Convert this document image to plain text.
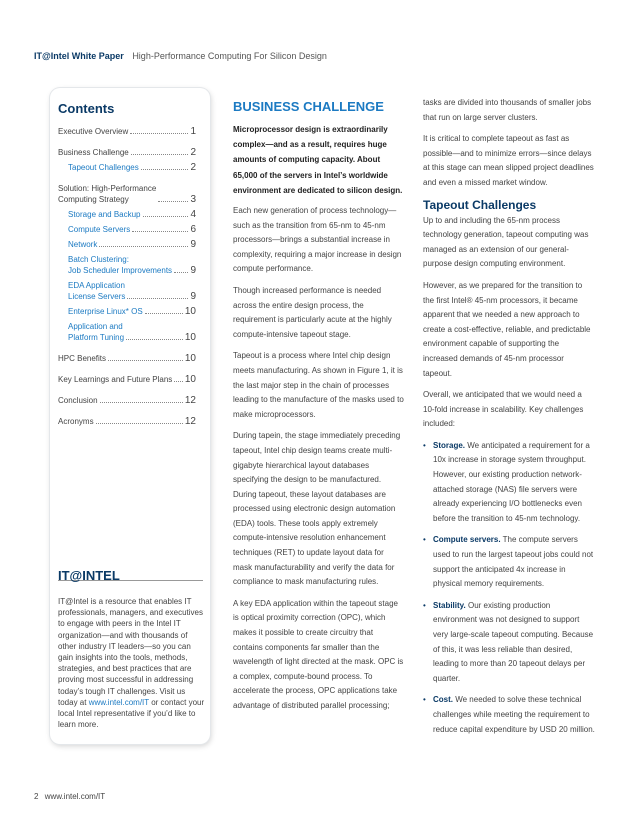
IT@Intel White Paper High-Performance Computing For Silicon Design
Contents
Executive Overview	1
Business Challenge	2
Tapeout Challenges	2
Solution: High-Performance
Computing Strategy	3
Storage and Backup	4
Compute Servers	6
Network	9
Batch Clustering:
Job Scheduler Improvements 9
EDA Application
License Servers	9
Enterprise Linux* OS	10
Application and
Platform Tuning	10
HPC Benefits	10
Key Learnings and Future Plans 10
Conclusion	12
Acronyms	12
IT@INTEL
IT@Intel is a resource that enables IT professionals, managers, and executives to engage with peers in the Intel IT organization—and with thousands of other industry IT leaders—so you can gain insights into the tools, methods, strategies, and best practices that are proving most successful in addressing today’s tough IT challenges. Visit us today at www.intel.com/IT or contact your local Intel representative if you’d like to learn more.
BUSINESS CHALLENGE
Microprocessor design is extraordinarily complex—and as a result, requires huge amounts of computing capacity. About 65,000 of the servers in Intel’s worldwide environment are dedicated to silicon design.
Each new generation of process technology—such as the transition from 65-nm to 45-nm processors—brings a substantial increase in complexity, requiring a major increase in design compute performance.
Though increased performance is needed across the entire design process, the requirement is particularly acute at the highly compute-intensive tapeout stage.
Tapeout is a process where Intel chip design meets manufacturing. As shown in Figure 1, it is the last major step in the chain of processes leading to the manufacture of the masks used to make microprocessors.
During tapein, the stage immediately preceding tapeout, Intel chip design teams create multi-gigabyte hierarchical layout databases specifying the design to be manufactured. During tapeout, these layout databases are processed using electronic design automation (EDA) tools. These tools apply extremely compute-intensive resolution enhancement techniques (RET) to update layout data for mask manufacturability and verify the data for compliance to mask manufacturing rules.
A key EDA application within the tapeout stage is optical proximity correction (OPC), which makes it possible to create circuitry that contains components far smaller than the wavelength of light directed at the mask. OPC is a complex, compute-bound process. To accelerate the process, OPC applications take advantage of distributed parallel processing;
tasks are divided into thousands of smaller jobs that run on large server clusters.
It is critical to complete tapeout as fast as possible—and to minimize errors—since delays at this stage can mean slipped project deadlines and even a missed market window.
Tapeout Challenges
Up to and including the 65-nm process technology generation, tapeout computing was managed as an extension of our general-purpose design computing environment.
However, as we prepared for the transition to the first Intel® 45-nm processors, it became apparent that we needed a new approach to create a cost-effective, reliable, and predictable environment capable of supporting the increased demands of 45-nm processor tapeout.
Overall, we anticipated that we would need a 10-fold increase in scalability. Key challenges included:
• Storage. We anticipated a requirement for a 10x increase in storage system throughput. However, our existing production network-attached storage (NAS) file servers were already experiencing I/O bottlenecks even before the transition to 45-nm technology.
• Compute servers. The compute servers used to run the largest tapeout jobs could not support the anticipated 4x increase in physical memory requirements.
• Stability. Our existing production environment was not designed to support very large-scale tapeout computing. Because of this, it was less reliable than desired, leading to more than 20 tapeout delays per quarter.
• Cost. We needed to solve these technical challenges while meeting the requirement to reduce capital expenditure by USD 20 million.
2 www.intel.com/IT
